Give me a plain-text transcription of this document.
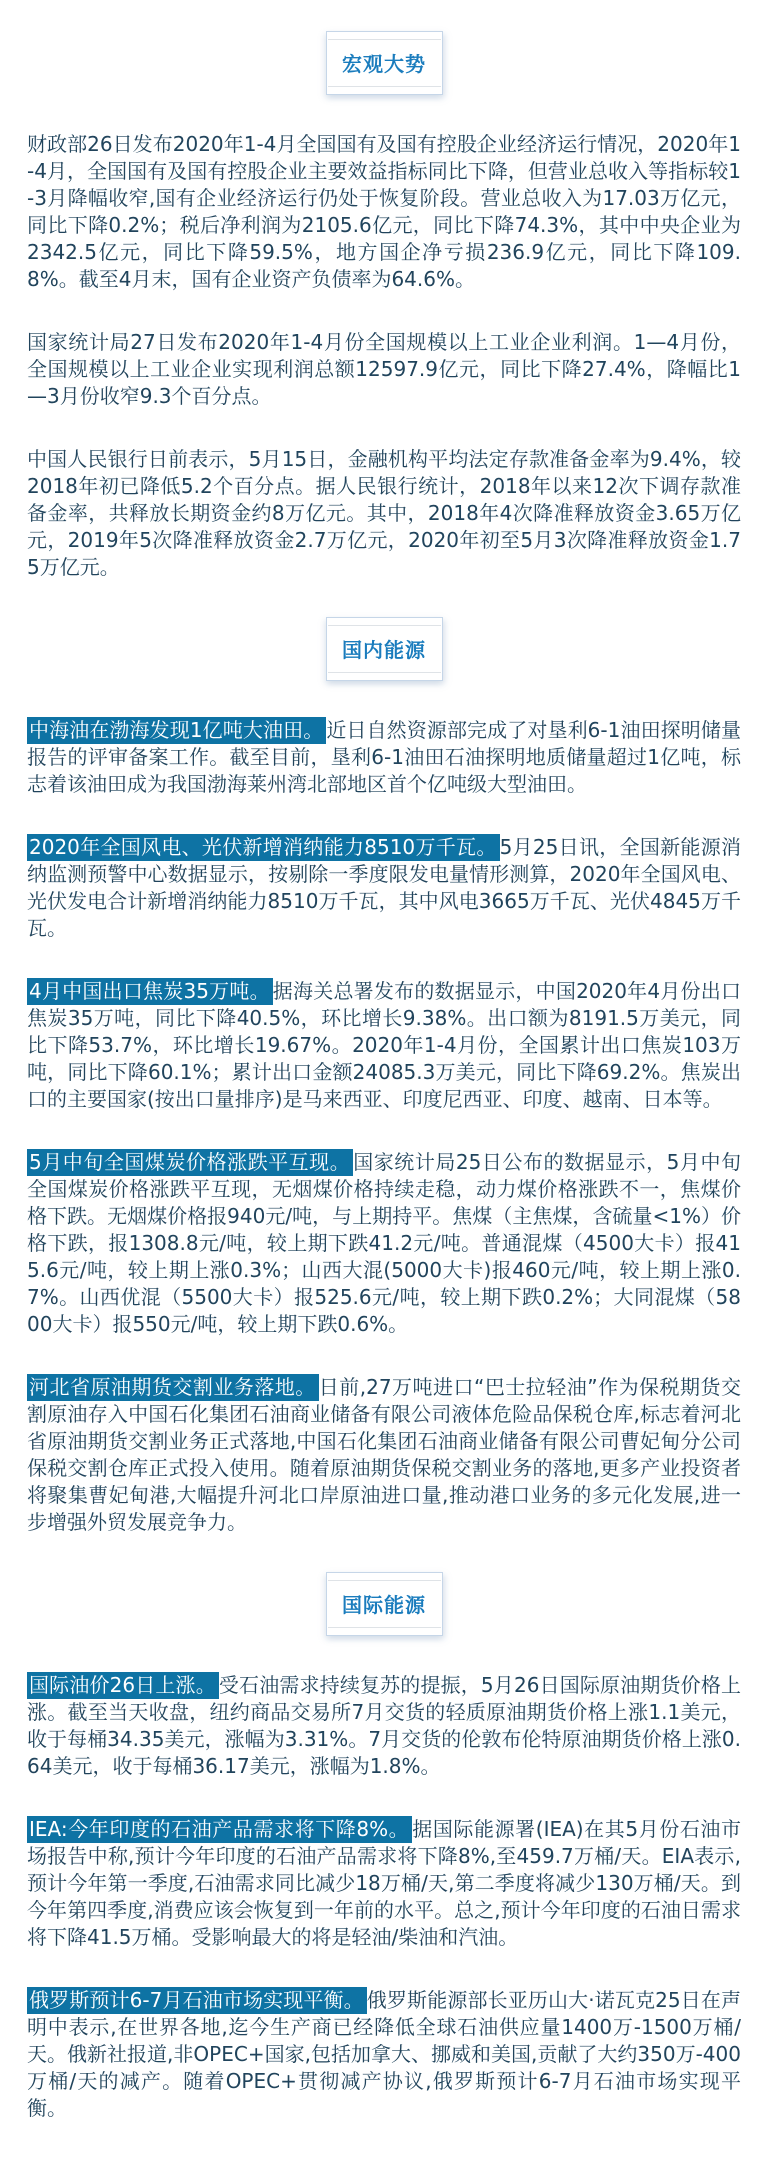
宏观大势

财政部26日发布2020年1-4月全国国有及国有控股企业经济运行情况，2020年1-4月，全国国有及国有控股企业主要效益指标同比下降，但营业总收入等指标较1-3月降幅收窄,国有企业经济运行仍处于恢复阶段。营业总收入为17.03万亿元，同比下降0.2%；税后净利润为2105.6亿元，同比下降74.3%，其中中央企业为2342.5亿元，同比下降59.5%，地方国企净亏损236.9亿元，同比下降109.8%。截至4月末，国有企业资产负债率为64.6%。

国家统计局27日发布2020年1-4月份全国规模以上工业企业利润。1—4月份，全国规模以上工业企业实现利润总额12597.9亿元，同比下降27.4%，降幅比1—3月份收窄9.3个百分点。

中国人民银行日前表示，5月15日，金融机构平均法定存款准备金率为9.4%，较2018年初已降低5.2个百分点。据人民银行统计，2018年以来12次下调存款准备金率，共释放长期资金约8万亿元。其中，2018年4次降准释放资金3.65万亿元，2019年5次降准释放资金2.7万亿元，2020年初至5月3次降准释放资金1.75万亿元。

国内能源

中海油在渤海发现1亿吨大油田。 近日自然资源部完成了对垦利6-1油田探明储量报告的评审备案工作。截至目前，垦利6-1油田石油探明地质储量超过1亿吨，标志着该油田成为我国渤海莱州湾北部地区首个亿吨级大型油田。

2020年全国风电、光伏新增消纳能力8510万千瓦。 5月25日讯，全国新能源消纳监测预警中心数据显示，按剔除一季度限发电量情形测算，2020年全国风电、光伏发电合计新增消纳能力8510万千瓦，其中风电3665万千瓦、光伏4845万千瓦。

4月中国出口焦炭35万吨。 据海关总署发布的数据显示，中国2020年4月份出口焦炭35万吨，同比下降40.5%，环比增长9.38%。出口额为8191.5万美元，同比下降53.7%，环比增长19.67%。2020年1-4月份，全国累计出口焦炭103万吨，同比下降60.1%；累计出口金额24085.3万美元，同比下降69.2%。焦炭出口的主要国家(按出口量排序)是马来西亚、印度尼西亚、印度、越南、日本等。

5月中旬全国煤炭价格涨跌平互现。 国家统计局25日公布的数据显示，5月中旬全国煤炭价格涨跌平互现，无烟煤价格持续走稳，动力煤价格涨跌不一，焦煤价格下跌。无烟煤价格报940元/吨，与上期持平。焦煤（主焦煤，含硫量<1%）价格下跌，报1308.8元/吨，较上期下跌41.2元/吨。普通混煤（4500大卡）报415.6元/吨，较上期上涨0.3%；山西大混(5000大卡)报460元/吨，较上期上涨0.7%。山西优混（5500大卡）报525.6元/吨，较上期下跌0.2%；大同混煤（5800大卡）报550元/吨，较上期下跌0.6%。

河北省原油期货交割业务落地。 日前,27万吨进口“巴士拉轻油”作为保税期货交割原油存入中国石化集团石油商业储备有限公司液体危险品保税仓库,标志着河北省原油期货交割业务正式落地,中国石化集团石油商业储备有限公司曹妃甸分公司保税交割仓库正式投入使用。随着原油期货保税交割业务的落地,更多产业投资者将聚集曹妃甸港,大幅提升河北口岸原油进口量,推动港口业务的多元化发展,进一步增强外贸发展竞争力。

国际能源

国际油价26日上涨。 受石油需求持续复苏的提振，5月26日国际原油期货价格上涨。截至当天收盘，纽约商品交易所7月交货的轻质原油期货价格上涨1.1美元，收于每桶34.35美元，涨幅为3.31%。7月交货的伦敦布伦特原油期货价格上涨0.64美元，收于每桶36.17美元，涨幅为1.8%。

IEA:今年印度的石油产品需求将下降8%。 据国际能源署(IEA)在其5月份石油市场报告中称,预计今年印度的石油产品需求将下降8%,至459.7万桶/天。EIA表示,预计今年第一季度,石油需求同比减少18万桶/天,第二季度将减少130万桶/天。到今年第四季度,消费应该会恢复到一年前的水平。总之,预计今年印度的石油日需求将下降41.5万桶。受影响最大的将是轻油/柴油和汽油。

俄罗斯预计6-7月石油市场实现平衡。 俄罗斯能源部长亚历山大·诺瓦克25日在声明中表示,在世界各地,迄今生产商已经降低全球石油供应量1400万-1500万桶/天。俄新社报道,非OPEC+国家,包括加拿大、挪威和美国,贡献了大约350万-400万桶/天的减产。随着OPEC+贯彻减产协议,俄罗斯预计6-7月石油市场实现平衡。
